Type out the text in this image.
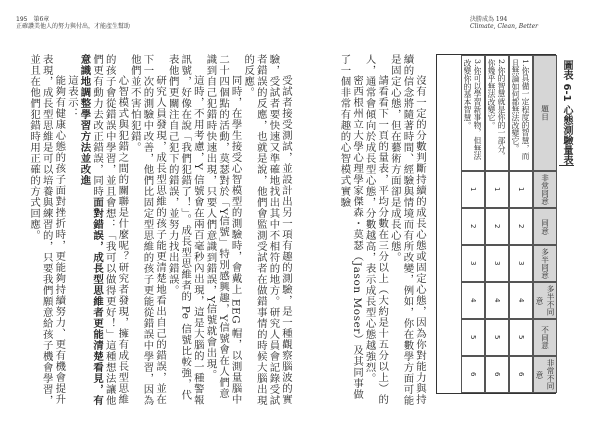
195 第6章
正確讚美他人的努力與付出，才能產生幫助
決勝成為 194
Climate, Clean, Better

受試者接受測試，並設計出另一項有趣的測驗，是一種觀察腦波的實驗，受試者要快速又準確地找出其中不相符的地方。研究人員會記錄受試者錯誤的反應，也就是說，他們會監測受試者在做錯事情的時候大腦出現的反應。

同時，在學生接受心智模型的測驗時，會戴上 EEG 帽，以測量腦中二十四個點的活動，莫瑟對於「Y信號」特別感興趣，Y信號會在人們意識到自己犯錯時快速出現，只要人們意識到錯誤，Y信號就會出現。

這時，不用考慮，Y 信號會在兩百毫秒內出現，這是大腦的一種警報訊號，好像在說「我們犯錯了！」。成長型思維者的 Pe 信號比較強，代表他們更關注自己犯下的錯誤，並努力找出錯誤。

研究人員發現，成長型思維的孩子能更清楚地看出自己的錯誤，並在下一次的測驗中改善，他們比固定型思維的孩子更能從錯誤中學習，因為他們並不害怕犯錯。

心智模式與犯錯之間的關聯是什麼呢？研究者發現，擁有成長型思維的孩子會從錯誤中學習，並且會想：「我可以做得更好！」這種想法讓他們更有動力去改正錯誤，同時面對錯誤，成長型思維者更能清楚看見，有意識地調整學習方法並改進

這表示：

能夠有健康心態的孩子面對挫折時，更能夠持續努力、更有機會提升表現，成長型思維是可以培養與練習的，只要我們願意給孩子機會學習，並且在他們犯錯時用正確的方式回應。	沒有一定的分數判斷持續的成長心態或固定心態，因為你對能力與持續的信念將隨著時間、經驗與情境而有所改變，例如，你在數學方面可能是固定心態，但在藝術方面卻是成長心態。

請看看下一頁的量表，平均分數在三分以上（大約是十五分以上）的人，通常會傾向於成長型心態，分數越高，表示成長型心態越強烈。

密西根州立大學心理學家傑森・莫瑟（Jason Moser）及其同事做了一個非常有趣的心智模式實驗	圖表 6-1 心態測驗量表
題目
非常同意
同意
多半同意
多半不同意
不同意
非常不同意
1.你具備一定程度的智慧，而且無論如何都無法改變它。
1
2
3
4
5
6
2.你的智慧就是你的一部分，你幾乎無法改變它。
1
2
3
4
5
6
3.你可以學習新事物，但無法改變你的基本智慧。
1
2
3
4
5
6
